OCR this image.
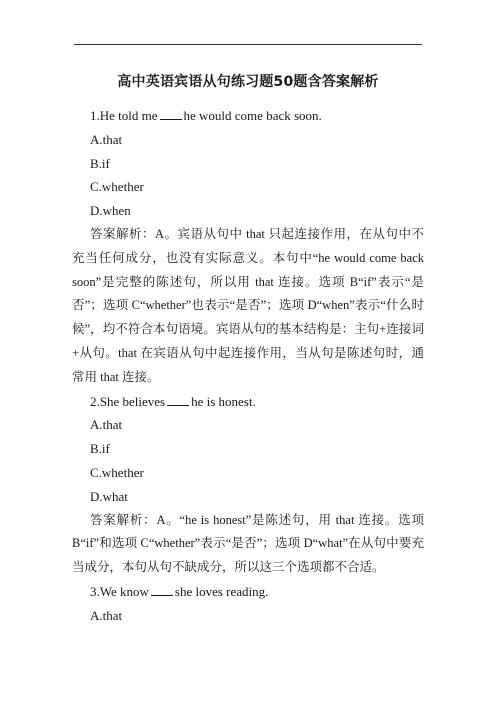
高中英语宾语从句练习题50题含答案解析
1.He told me he would come back soon.
A.that
B.if
C.whether
D.when
答案解析：A。宾语从句中 that 只起连接作用，在从句中不充当任何成分，也没有实际意义。本句中“he would come back soon”是完整的陈述句，所以用 that 连接。选项 B“if”表示“是否”；选项 C“whether”也表示“是否”；选项 D“when”表示“什么时候”，均不符合本句语境。宾语从句的基本结构是：主句+连接词+从句。that 在宾语从句中起连接作用，当从句是陈述句时，通常用 that 连接。
2.She believes he is honest.
A.that
B.if
C.whether
D.what
答案解析：A。“he is honest”是陈述句，用 that 连接。选项 B“if”和选项 C“whether”表示“是否”；选项 D“what”在从句中要充当成分，本句从句不缺成分，所以这三个选项都不合适。
3.We know she loves reading.
A.that
